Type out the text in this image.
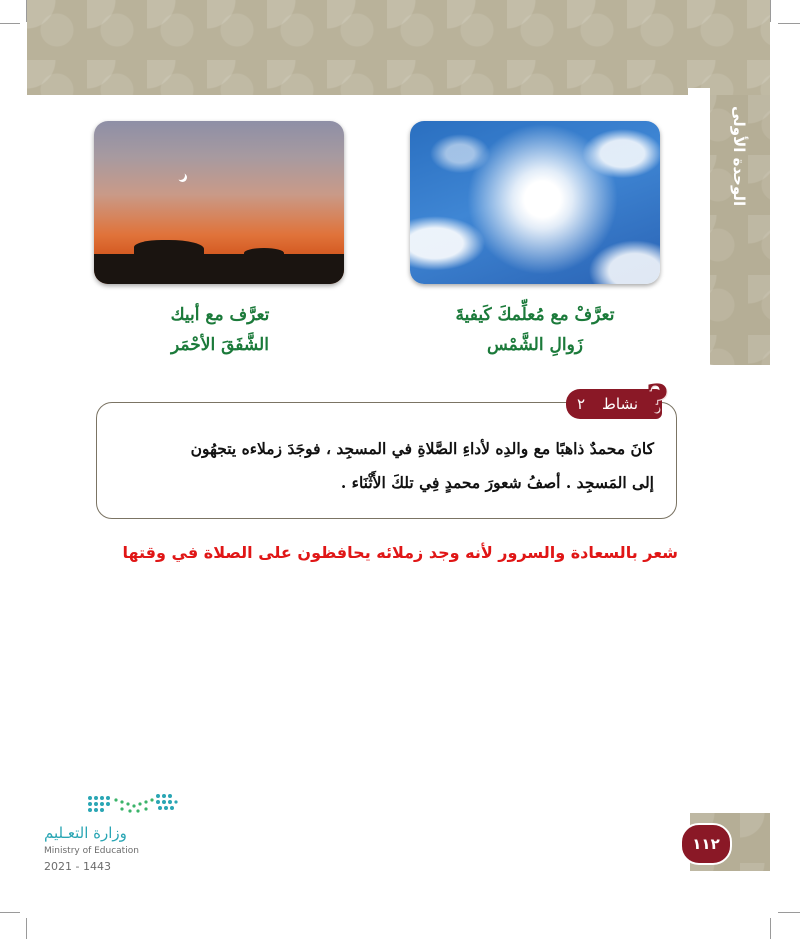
الوحدة الأولى
تعرَّفْ مع مُعلِّمكَ كَيفيةَ
زَوالِ الشَّمْس
تعرَّف مع أبيك
الشَّفَقَ الأحْمَر
نشاط
٢ ?
كانَ محمدٌ ذاهبًا مع والدِه لأداءِ الصَّلاةِ في المسجِد ، فوجَدَ زملاءه يتجهُون
إلى المَسجِد . أصفُ شعورَ محمدٍ فِي تلكَ الأَثْنَاء .
شعر بالسعادة والسرور لأنه وجد زملائه يحافظون على الصلاة في وقتها
وزارة التعـليم
Ministry of Education
2021 - 1443
١١٢
